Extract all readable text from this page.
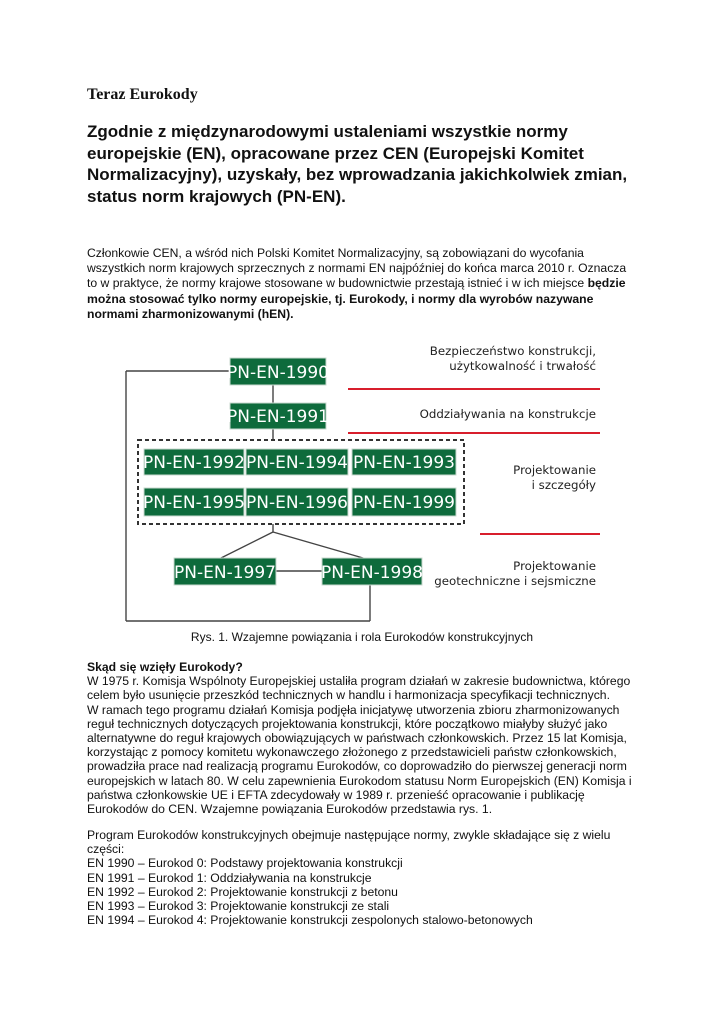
Teraz Eurokody
Zgodnie z międzynarodowymi ustaleniami wszystkie normy europejskie (EN), opracowane przez CEN (Europejski Komitet Normalizacyjny), uzyskały, bez wprowadzania jakichkolwiek zmian, status norm krajowych (PN-EN).
Członkowie CEN, a wśród nich Polski Komitet Normalizacyjny, są zobowiązani do wycofania wszystkich norm krajowych sprzecznych z normami EN najpóźniej do końca marca 2010 r. Oznacza to w praktyce, że normy krajowe stosowane w budownictwie przestają istnieć i w ich miejsce będzie można stosować tylko normy europejskie, tj. Eurokody, i normy dla wyrobów nazywane normami zharmonizowanymi (hEN).
PN-EN-1990
PN-EN-1991
PN-EN-1992 PN-EN-1994 PN-EN-1993
PN-EN-1995 PN-EN-1996 PN-EN-1999
PN-EN-1997	PN-EN-1998
Bezpieczeństwo konstrukcji,
użytkowalność i trwałość
Oddziaływania na konstrukcje
Projektowanie
i szczegóły
Projektowanie
geotechniczne i sejsmiczne
Rys. 1. Wzajemne powiązania i rola Eurokodów konstrukcyjnych
Skąd się wzięły Eurokody?
W 1975 r. Komisja Wspólnoty Europejskiej ustaliła program działań w zakresie budownictwa, którego celem było usunięcie przeszkód technicznych w handlu i harmonizacja specyfikacji technicznych.
W ramach tego programu działań Komisja podjęła inicjatywę utworzenia zbioru zharmonizowanych reguł technicznych dotyczących projektowania konstrukcji, które początkowo miałyby służyć jako alternatywne do reguł krajowych obowiązujących w państwach członkowskich. Przez 15 lat Komisja, korzystając z pomocy komitetu wykonawczego złożonego z przedstawicieli państw członkowskich, prowadziła prace nad realizacją programu Eurokodów, co doprowadziło do pierwszej generacji norm europejskich w latach 80. W celu zapewnienia Eurokodom statusu Norm Europejskich (EN) Komisja i państwa członkowskie UE i EFTA zdecydowały w 1989 r. przenieść opracowanie i publikację Eurokodów do CEN. Wzajemne powiązania Eurokodów przedstawia rys. 1.
Program Eurokodów konstrukcyjnych obejmuje następujące normy, zwykle składające się z wielu części:
EN 1990 – Eurokod 0: Podstawy projektowania konstrukcji
EN 1991 – Eurokod 1: Oddziaływania na konstrukcje
EN 1992 – Eurokod 2: Projektowanie konstrukcji z betonu
EN 1993 – Eurokod 3: Projektowanie konstrukcji ze stali
EN 1994 – Eurokod 4: Projektowanie konstrukcji zespolonych stalowo-betonowych
